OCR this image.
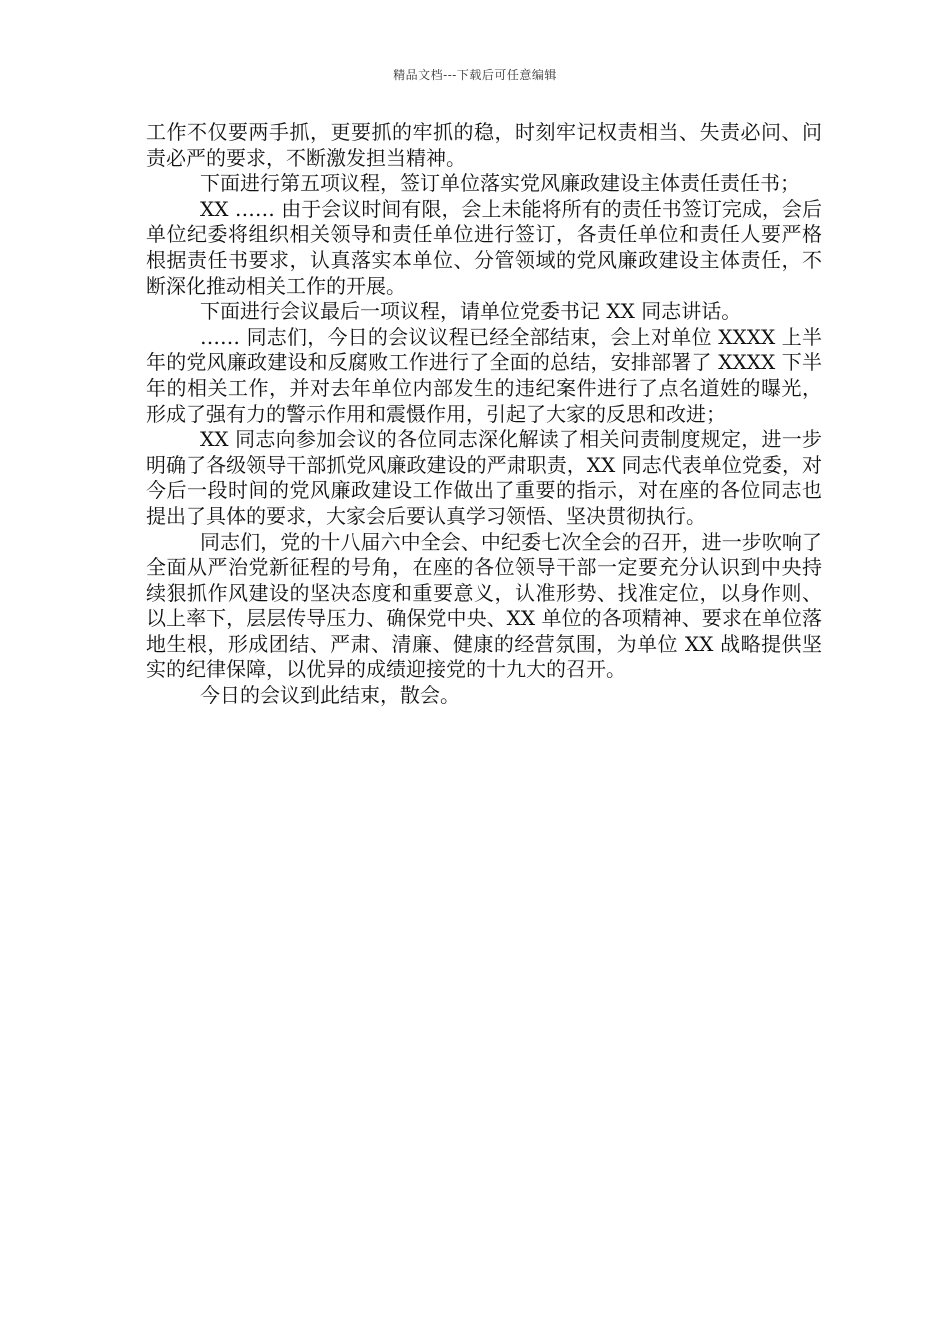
精品文档---下载后可任意编辑

工作不仅要两手抓，更要抓的牢抓的稳，时刻牢记权责相当、失责必问、问责必严的要求，不断激发担当精神。

下面进行第五项议程，签订单位落实党风廉政建设主体责任责任书；

XX …… 由于会议时间有限，会上未能将所有的责任书签订完成，会后单位纪委将组织相关领导和责任单位进行签订，各责任单位和责任人要严格根据责任书要求，认真落实本单位、分管领域的党风廉政建设主体责任，不断深化推动相关工作的开展。

下面进行会议最后一项议程，请单位党委书记 XX 同志讲话。

…… 同志们，今日的会议议程已经全部结束，会上对单位 XXXX 上半年的党风廉政建设和反腐败工作进行了全面的总结，安排部署了 XXXX 下半年的相关工作，并对去年单位内部发生的违纪案件进行了点名道姓的曝光，形成了强有力的警示作用和震慑作用，引起了大家的反思和改进；

XX 同志向参加会议的各位同志深化解读了相关问责制度规定，进一步明确了各级领导干部抓党风廉政建设的严肃职责，XX 同志代表单位党委，对今后一段时间的党风廉政建设工作做出了重要的指示，对在座的各位同志也提出了具体的要求，大家会后要认真学习领悟、坚决贯彻执行。

同志们，党的十八届六中全会、中纪委七次全会的召开，进一步吹响了全面从严治党新征程的号角，在座的各位领导干部一定要充分认识到中央持续狠抓作风建设的坚决态度和重要意义，认准形势、找准定位，以身作则、以上率下，层层传导压力、确保党中央、XX 单位的各项精神、要求在单位落地生根，形成团结、严肃、清廉、健康的经营氛围，为单位 XX 战略提供坚实的纪律保障，以优异的成绩迎接党的十九大的召开。

今日的会议到此结束，散会。
